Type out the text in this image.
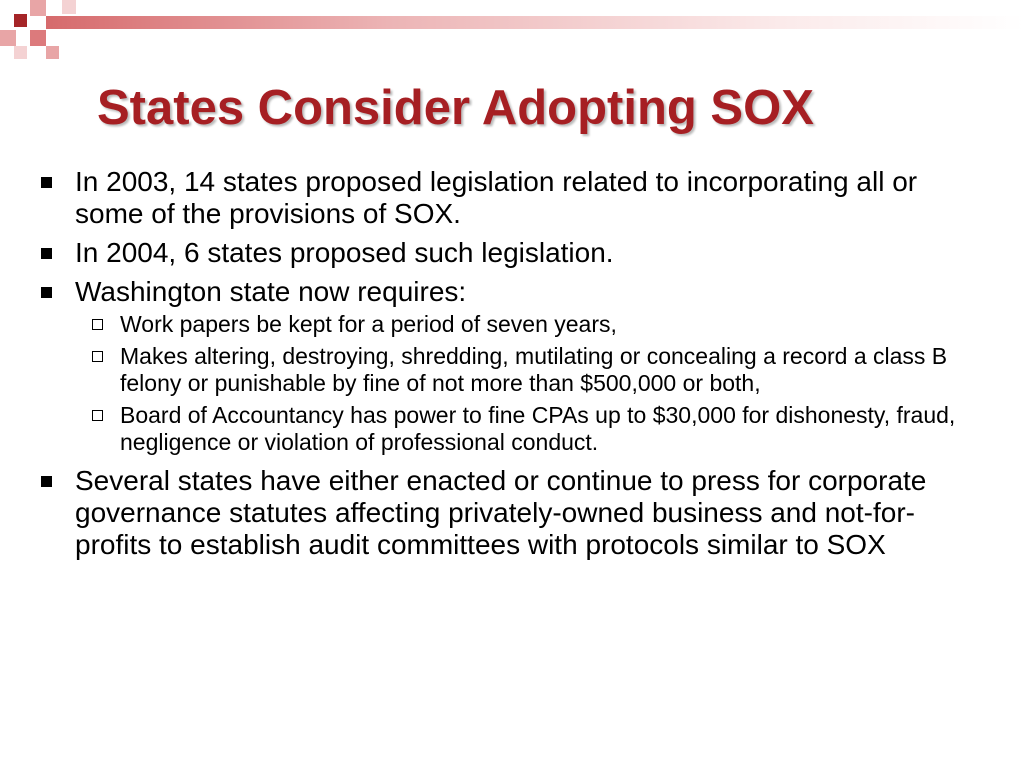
States Consider Adopting SOX
In 2003, 14 states proposed legislation related to incorporating all or some of the provisions of SOX.
In 2004, 6 states proposed such legislation.
Washington state now requires:
Work papers be kept for a period of seven years,
Makes altering, destroying, shredding, mutilating or concealing a record a class B felony or punishable by fine of not more than $500,000 or both,
Board of Accountancy has power to fine CPAs up to $30,000 for dishonesty, fraud, negligence or violation of professional conduct.
Several states have either enacted or continue to press for corporate governance statutes affecting privately-owned business and not-for-profits to establish audit committees with protocols similar to SOX
